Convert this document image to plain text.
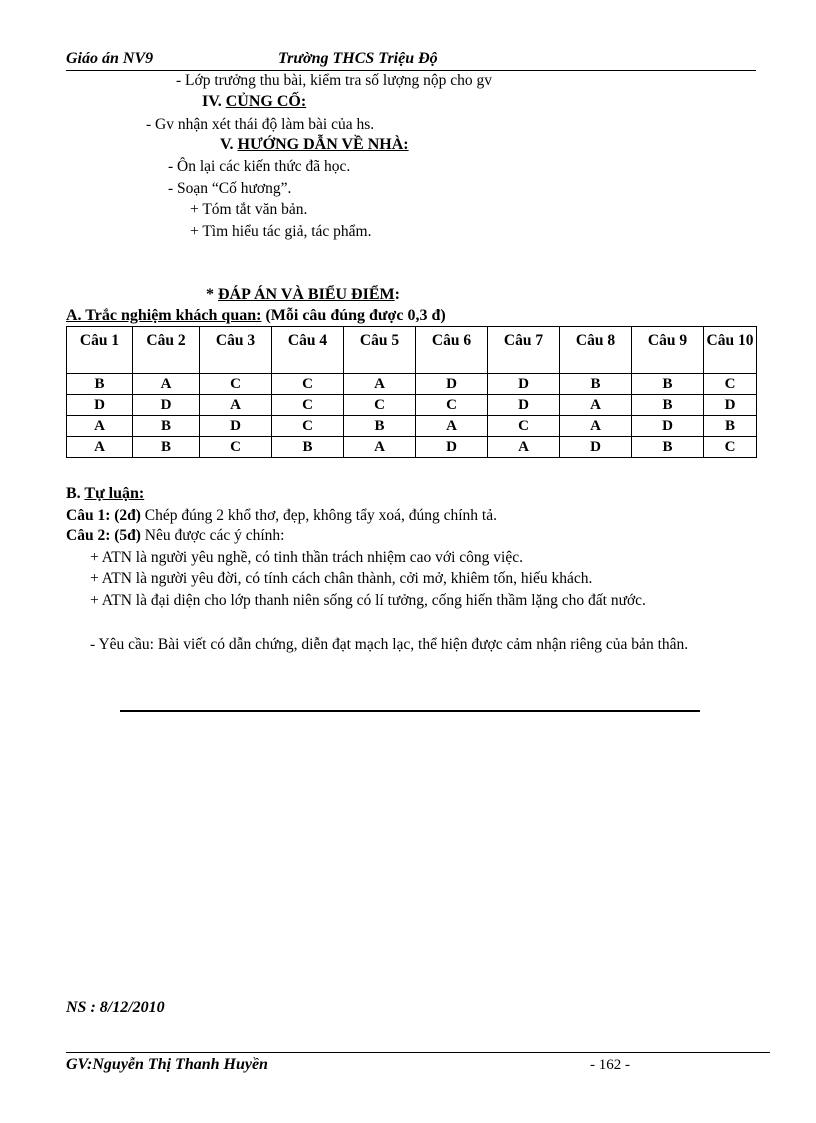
Giáo án NV9	Trường THCS Triệu Độ
- Lớp trưởng thu bài, kiểm tra số lượng nộp cho gv
IV. CỦNG CỐ:
- Gv nhận xét thái độ làm bài của hs.
V. HƯỚNG DẪN VỀ NHÀ:
- Ôn lại các kiến thức đã học.
- Soạn “Cố hương”.
+ Tóm tắt văn bản.
+ Tìm hiểu tác giả, tác phẩm.
* ĐÁP ÁN VÀ BIỂU ĐIỂM:
A. Trắc nghiệm khách quan: (Mỗi câu đúng được 0,3 đ)
Câu 1	Câu 2	Câu 3	Câu 4	Câu 5	Câu 6	Câu 7	Câu 8	Câu 9	Câu 10
B	A	C	C	A	D	D	B	B	C
D	D	A	C	C	C	D	A	B	D
A	B	D	C	B	A	C	A	D	B
A	B	C	B	A	D	A	D	B	C
B. Tự luận:
Câu 1: (2đ) Chép đúng 2 khổ thơ, đẹp, không tẩy xoá, đúng chính tả.
Câu 2: (5đ) Nêu được các ý chính:
+ ATN là người yêu nghề, có tinh thần trách nhiệm cao với công việc.
+ ATN là người yêu đời, có tính cách chân thành, cởi mở, khiêm tốn, hiếu khách.
+ ATN là đại diện cho lớp thanh niên sống có lí tưởng, cống hiến thầm lặng cho đất nước.
- Yêu cầu: Bài viết có dẫn chứng, diễn đạt mạch lạc, thể hiện được cảm nhận riêng của bản thân.
NS : 8/12/2010
GV:Nguyễn Thị Thanh Huyền	- 162 -
